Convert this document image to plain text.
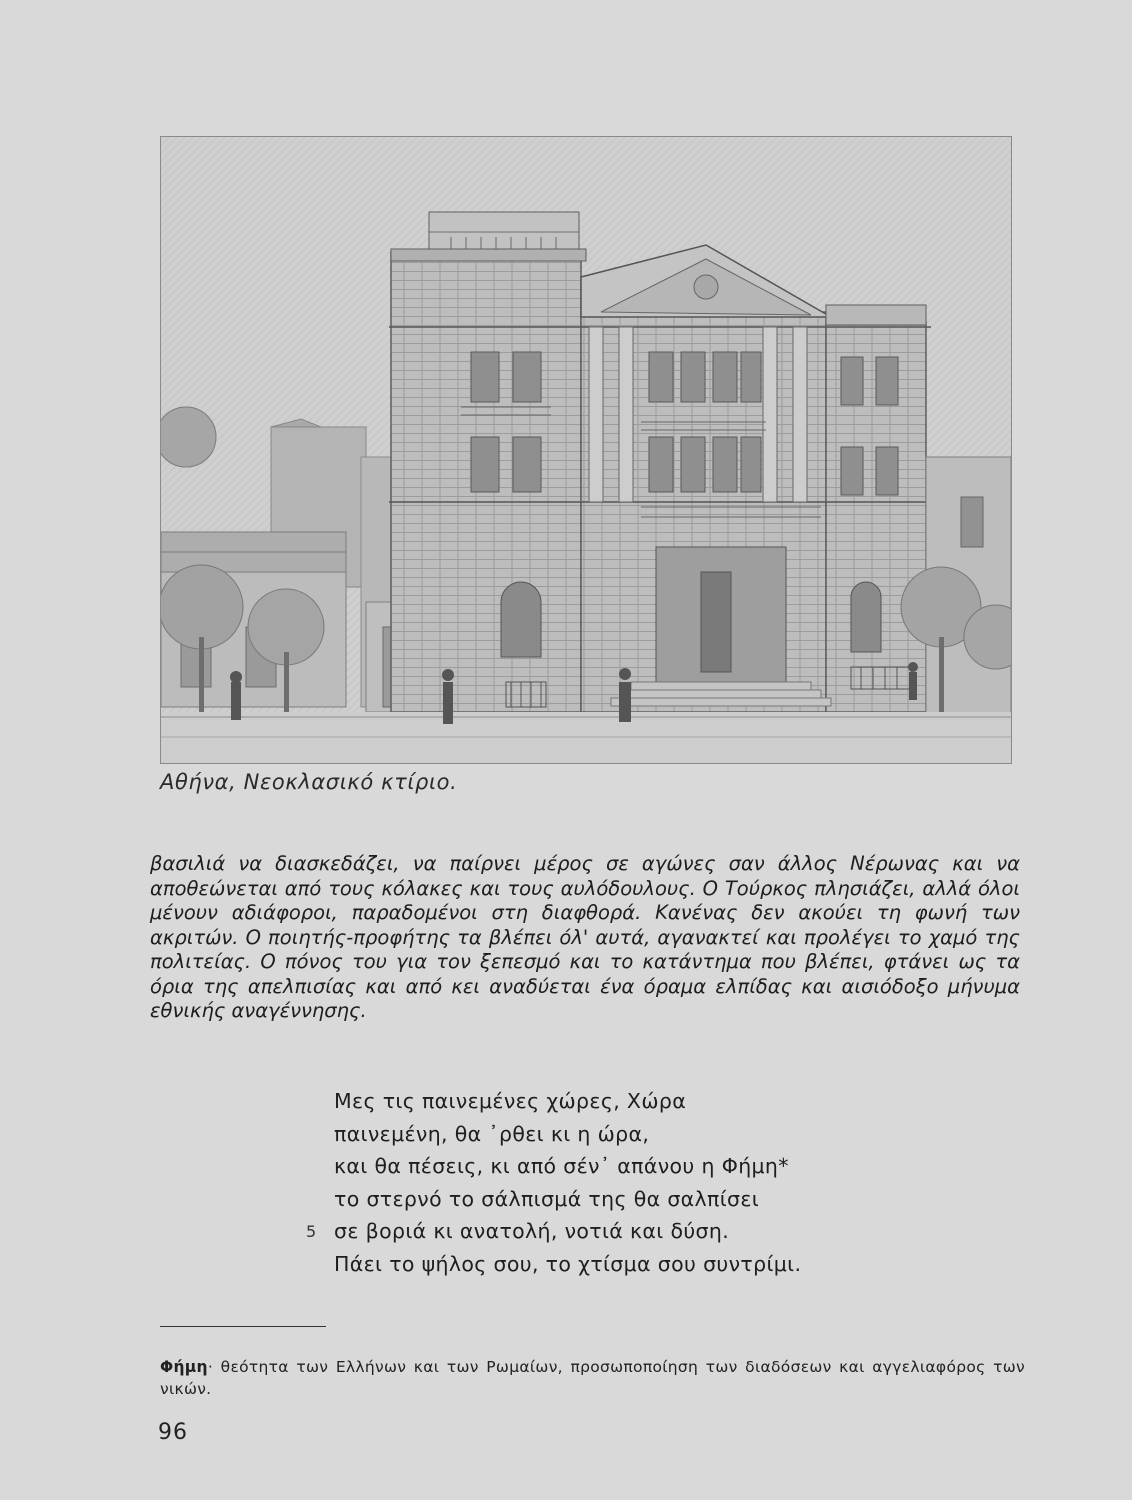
Αθήνα, Νεοκλασικό κτίριο.
βασιλιά να διασκεδάζει, να παίρνει μέρος σε αγώνες σαν άλλος Νέρωνας και να αποθεώνεται από τους κόλακες και τους αυλόδουλους. Ο Τούρκος πλησιάζει, αλλά όλοι μένουν αδιάφοροι, παραδομένοι στη διαφθορά. Κανένας δεν ακούει τη φωνή των ακριτών. Ο ποιητής-προφήτης τα βλέπει όλ' αυτά, αγανακτεί και προλέγει το χαμό της πολιτείας. Ο πόνος του για τον ξεπεσμό και το κατάντημα που βλέπει, φτάνει ως τα όρια της απελπισίας και από κει αναδύεται ένα όραμα ελπίδας και αισιόδοξο μήνυμα εθνικής αναγέννησης.
Μες τις παινεμένες χώρες, Χώρα
παινεμένη, θα ᾽ρθει κι η ώρα,
και θα πέσεις, κι από σέν᾽ απάνου η Φήμη*
το στερνό το σάλπισμά της θα σαλπίσει
5 σε βοριά κι ανατολή, νοτιά και δύση.
Πάει το ψήλος σου, το χτίσμα σου συντρίμι.
Φήμη· θεότητα των Ελλήνων και των Ρωμαίων, προσωποποίηση των διαδόσεων και αγγελιαφόρος των νικών.
96
